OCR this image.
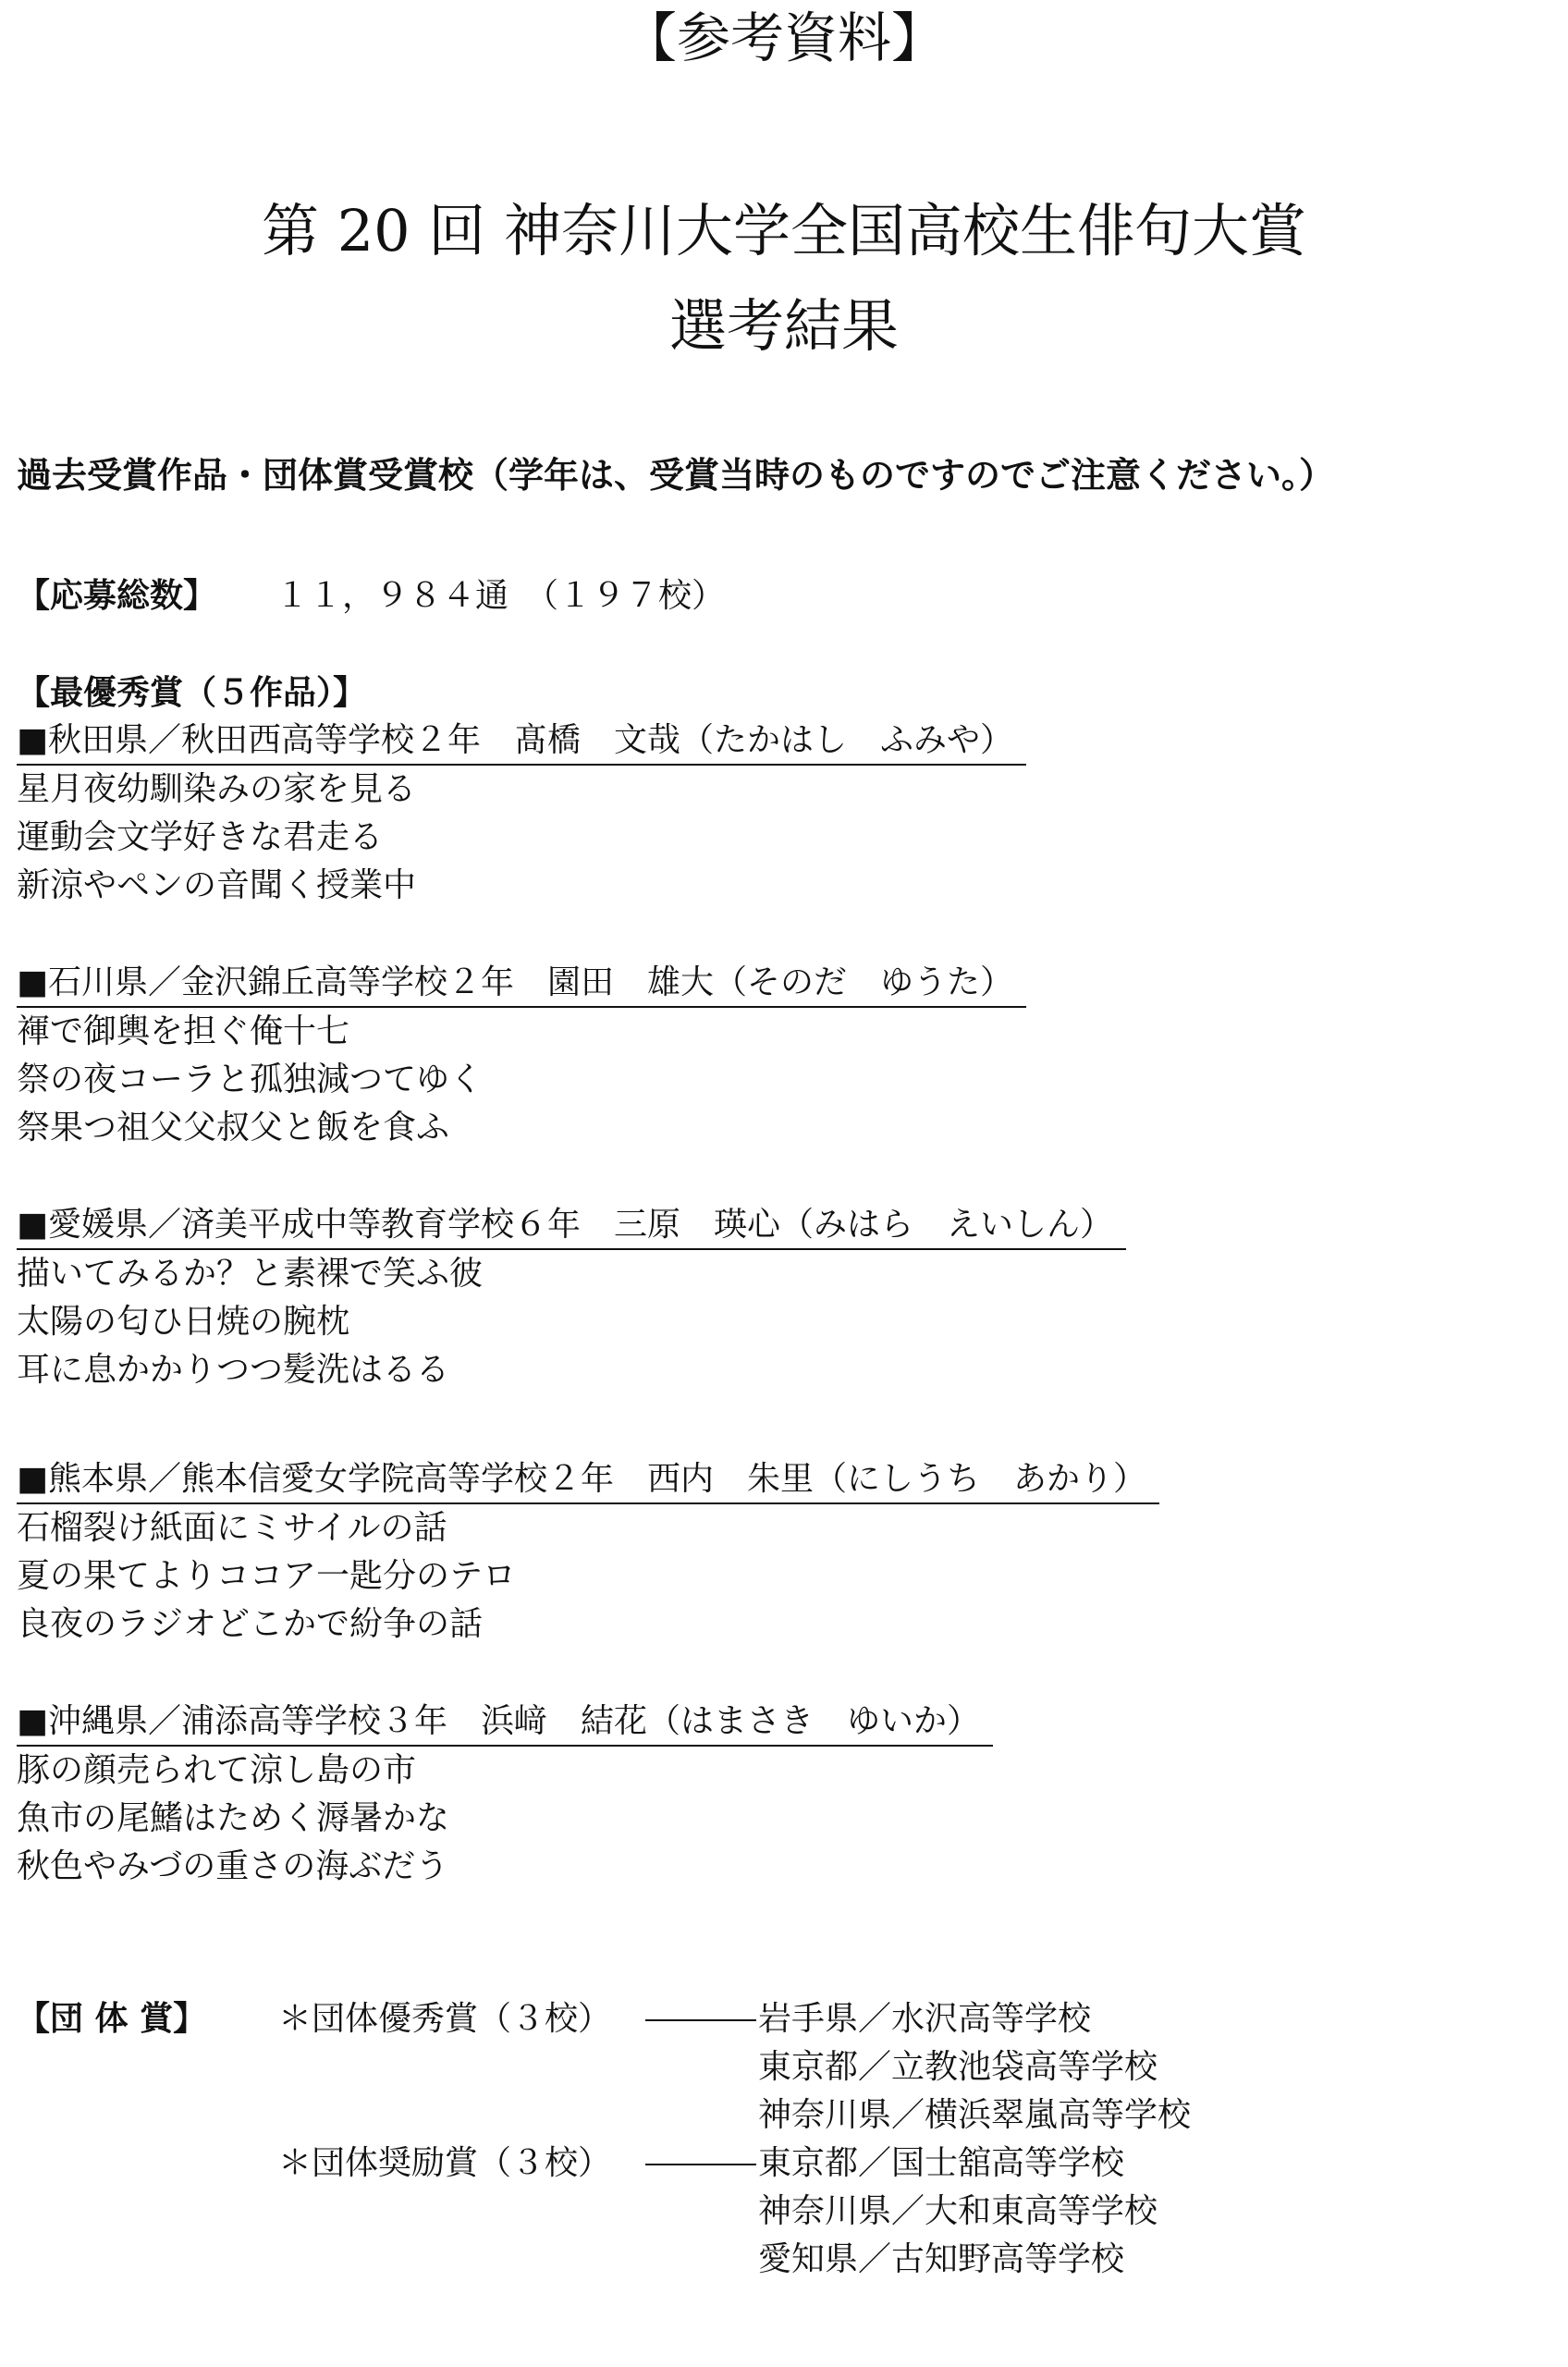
【参考資料】
第 20 回 神奈川大学全国高校生俳句大賞
選考結果
過去受賞作品・団体賞受賞校（学年は、受賞当時のものですのでご注意ください。）
【応募総数】 １１，９８４通　（１９７校）
【最優秀賞（５作品）】
■秋田県／秋田西高等学校２年　髙橋　文哉（たかはし　ふみや）
星月夜幼馴染みの家を見る
運動会文学好きな君走る
新涼やペンの音聞く授業中
■石川県／金沢錦丘高等学校２年　園田　雄大（そのだ　ゆうた）
褌で御輿を担ぐ俺十七
祭の夜コーラと孤独減つてゆく
祭果つ祖父父叔父と飯を食ふ
■愛媛県／済美平成中等教育学校６年　三原　瑛心（みはら　えいしん）
描いてみるか？と素裸で笑ふ彼
太陽の匂ひ日焼の腕枕
耳に息かかりつつ髪洗はるる
■熊本県／熊本信愛女学院高等学校２年　西内　朱里（にしうち　あかり）
石榴裂け紙面にミサイルの話
夏の果てよりココア一匙分のテロ
良夜のラジオどこかで紛争の話
■沖縄県／浦添高等学校３年　浜﨑　結花（はまさき　ゆいか）
豚の顔売られて涼し島の市
魚市の尾鰭はためく溽暑かな
秋色やみづの重さの海ぶだう
【団 体 賞】 ＊団体優秀賞（３校）	岩手県／水沢高等学校
東京都／立教池袋高等学校
神奈川県／横浜翠嵐高等学校
＊団体奨励賞（３校）	東京都／国士舘高等学校
神奈川県／大和東高等学校
愛知県／古知野高等学校
